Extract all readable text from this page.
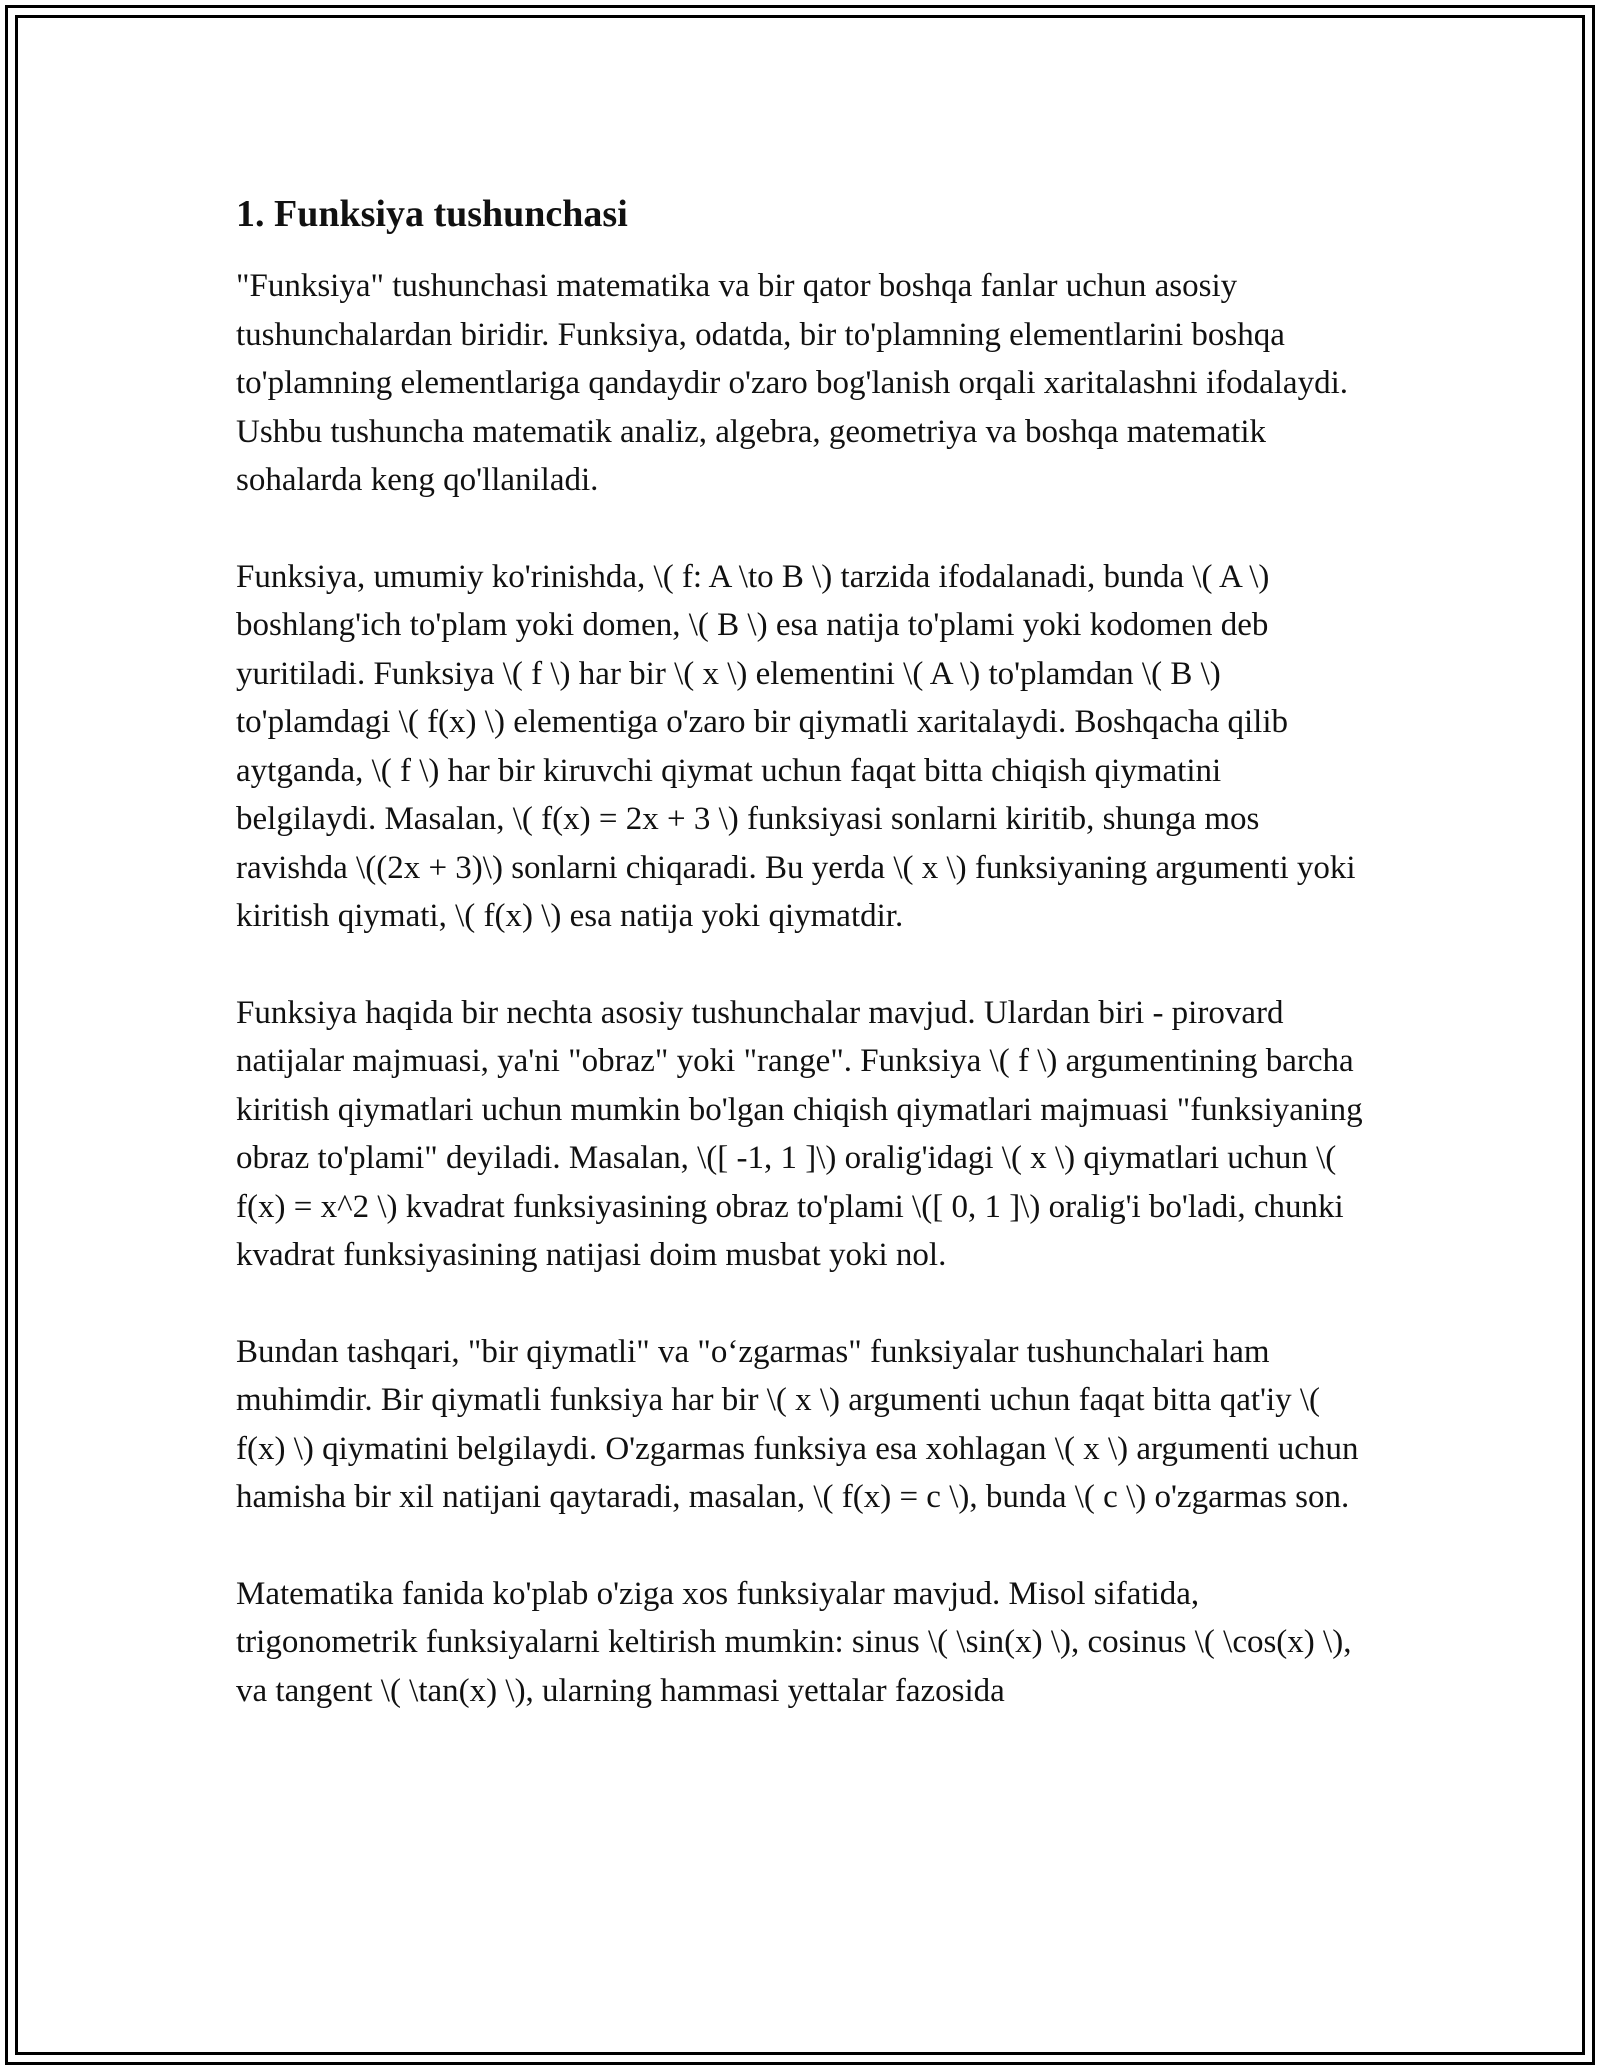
1. Funksiya tushunchasi

"Funksiya" tushunchasi matematika va bir qator boshqa fanlar uchun asosiy tushunchalardan biridir. Funksiya, odatda, bir to'plamning elementlarini boshqa to'plamning elementlariga qandaydir o'zaro bog'lanish orqali xaritalashni ifodalaydi. Ushbu tushuncha matematik analiz, algebra, geometriya va boshqa matematik sohalarda keng qo'llaniladi.

Funksiya, umumiy ko'rinishda, \( f: A \to B \) tarzida ifodalanadi, bunda \( A \) boshlang'ich to'plam yoki domen, \( B \) esa natija to'plami yoki kodomen deb yuritiladi. Funksiya \( f \) har bir \( x \) elementini \( A \) to'plamdan \( B \) to'plamdagi \( f(x) \) elementiga o'zaro bir qiymatli xaritalaydi. Boshqacha qilib aytganda, \( f \) har bir kiruvchi qiymat uchun faqat bitta chiqish qiymatini belgilaydi. Masalan, \( f(x) = 2x + 3 \) funksiyasi sonlarni kiritib, shunga mos ravishda \((2x + 3)\) sonlarni chiqaradi. Bu yerda \( x \) funksiyaning argumenti yoki kiritish qiymati, \( f(x) \) esa natija yoki qiymatdir.

Funksiya haqida bir nechta asosiy tushunchalar mavjud. Ulardan biri - pirovard natijalar majmuasi, ya'ni "obraz" yoki "range". Funksiya \( f \) argumentining barcha kiritish qiymatlari uchun mumkin bo'lgan chiqish qiymatlari majmuasi "funksiyaning obraz to'plami" deyiladi. Masalan, \([ -1, 1 ]\) oralig'idagi \( x \) qiymatlari uchun \( f(x) = x^2 \) kvadrat funksiyasining obraz to'plami \([ 0, 1 ]\) oralig'i bo'ladi, chunki kvadrat funksiyasining natijasi doim musbat yoki nol.

Bundan tashqari, "bir qiymatli" va "o‘zgarmas" funksiyalar tushunchalari ham muhimdir. Bir qiymatli funksiya har bir \( x \) argumenti uchun faqat bitta qat'iy \( f(x) \) qiymatini belgilaydi. O'zgarmas funksiya esa xohlagan \( x \) argumenti uchun hamisha bir xil natijani qaytaradi, masalan, \( f(x) = c \), bunda \( c \) o'zgarmas son.

Matematika fanida ko'plab o'ziga xos funksiyalar mavjud. Misol sifatida, trigonometrik funksiyalarni keltirish mumkin: sinus \( \sin(x) \), cosinus \( \cos(x) \), va tangent \( \tan(x) \), ularning hammasi yettalar fazosida
